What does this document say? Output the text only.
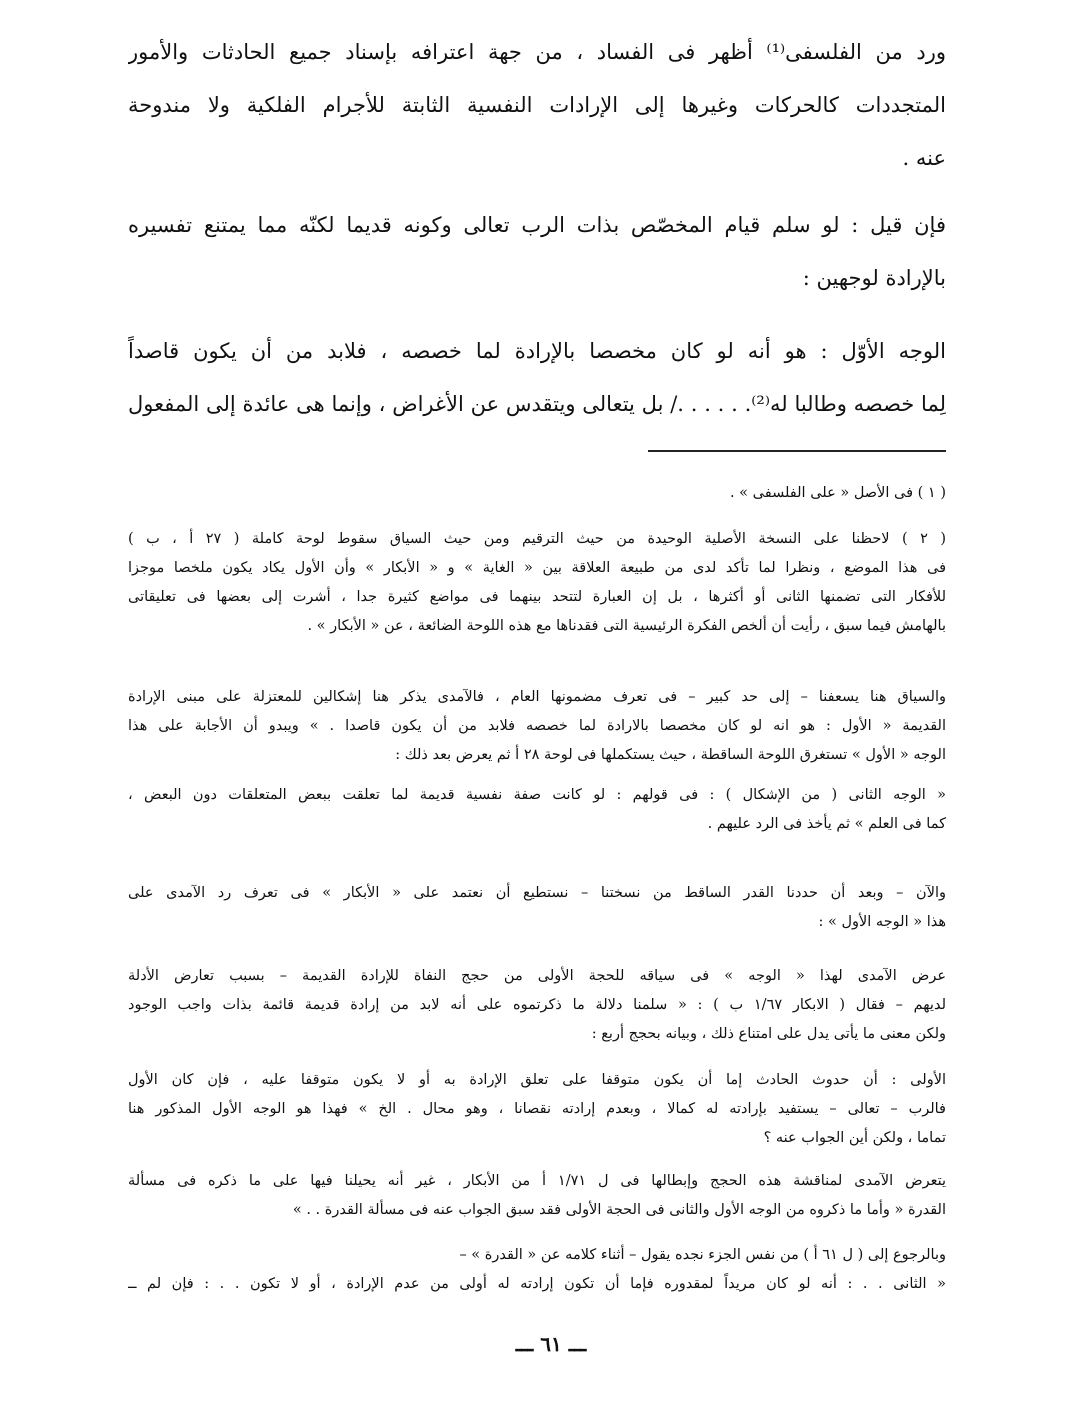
ورد من الفلسفى⁽¹⁾ أظهر فى الفساد ، من جهة اعترافه بإسناد جميع الحادثات والأمور
المتجددات كالحركات وغيرها إلى الإرادات النفسية الثابتة للأجرام الفلكية ولا مندوحة
عنه .
فإن قيل : لو سلم قيام المخصّص بذات الرب تعالى وكونه قديما لكنّه مما يمتنع تفسيره
بالإرادة لوجهين :
الوجه الأوّل : هو أنه لو كان مخصصا بالإرادة لما خصصه ، فلابد من أن يكون قاصداً
لِما خصصه وطالبا له⁽²⁾. . . . . ./ بل يتعالى ويتقدس عن الأغراض ، وإنما هى عائدة إلى المفعول
( ١ ) فى الأصل « على الفلسفى » .
( ٢ ) لاحظنا على النسخة الأصلية الوحيدة من حيث الترقيم ومن حيث السياق سقوط لوحة كاملة ( ٢٧ أ ، ب )
فى هذا الموضع ، ونظرا لما تأكد لدى من طبيعة العلاقة بين « الغاية » و « الأبكار » وأن الأول يكاد يكون ملخصا موجزا
للأفكار التى تضمنها الثانى أو أكثرها ، بل إن العبارة لتتحد بينهما فى مواضع كثيرة جدا ، أشرت إلى بعضها فى تعليقاتى
بالهامش فيما سبق ، رأيت أن ألخص الفكرة الرئيسية التى فقدناها مع هذه اللوحة الضائعة ، عن « الأبكار » .
والسياق هنا يسعفنا – إلى حد كبير – فى تعرف مضمونها العام ، فالآمدى يذكر هنا إشكالين للمعتزلة على مبنى الإرادة
القديمة « الأول : هو انه لو كان مخصصا بالارادة لما خصصه فلابد من أن يكون قاصدا . » ويبدو أن الأجابة على هذا
الوجه « الأول » تستغرق اللوحة الساقطة ، حيث يستكملها فى لوحة ٢٨ أ ثم يعرض بعد ذلك :
« الوجه الثانى ( من الإشكال ) : فى قولهم : لو كانت صفة نفسية قديمة لما تعلقت ببعض المتعلقات دون البعض ،
كما فى العلم » ثم يأخذ فى الرد عليهم .
والآن – وبعد أن حددنا القدر الساقط من نسختنا – نستطيع أن نعتمد على « الأبكار » فى تعرف رد الآمدى على
هذا « الوجه الأول » :
عرض الآمدى لهذا « الوجه » فى سياقه للحجة الأولى من حجج النفاة للإرادة القديمة – بسبب تعارض الأدلة
لديهم – فقال ( الابكار ١/٦٧ ب ) : « سلمنا دلالة ما ذكرتموه على أنه لابد من إرادة قديمة قائمة بذات واجب الوجود
ولكن معنى ما يأتى يدل على امتناع ذلك ، وبيانه بحجج أربع :
الأولى : أن حدوث الحادث إما أن يكون متوقفا على تعلق الإرادة به أو لا يكون متوقفا عليه ، فإن كان الأول
فالرب – تعالى – يستفيد بإرادته له كمالا ، وبعدم إرادته نقصانا ، وهو محال . الخ » فهذا هو الوجه الأول المذكور هنا
تماما ، ولكن أين الجواب عنه ؟
يتعرض الآمدى لمناقشة هذه الحجج وإبطالها فى ل ١/٧١ أ من الأبكار ، غير أنه يحيلنا فيها على ما ذكره فى مسألة
القدرة « وأما ما ذكروه من الوجه الأول والثانى فى الحجة الأولى فقد سبق الجواب عنه فى مسألة القدرة . . »
وبالرجوع إلى ( ل ٦١ أ ) من نفس الجزء نجده يقول – أثناء كلامه عن « القدرة » –
« الثانى . . : أنه لو كان مريداً لمقدوره فإما أن تكون إرادته له أولى من عدم الإرادة ، أو لا تكون . . : فإن لم ــ
ـــ ٦١ ـــ
